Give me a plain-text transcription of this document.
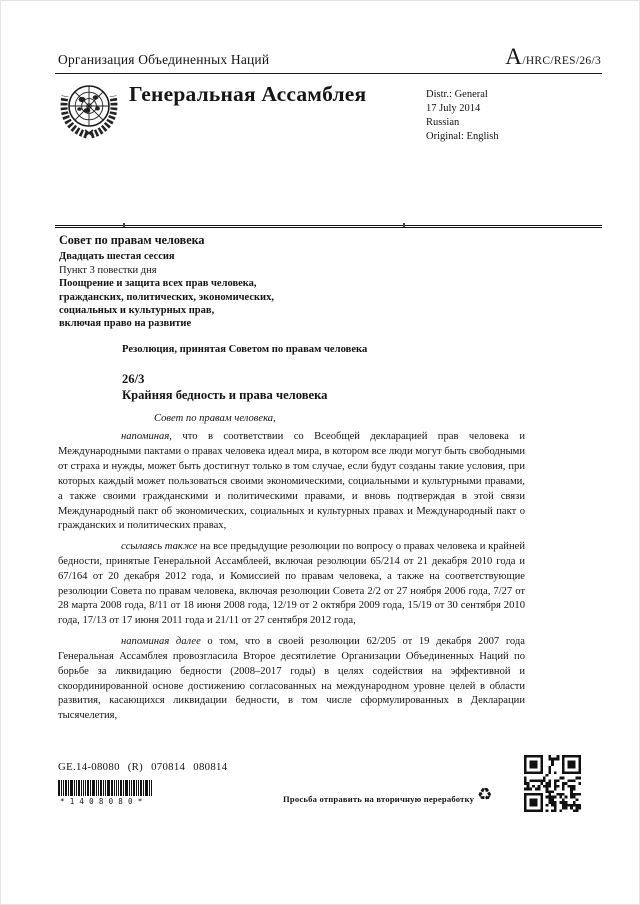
Организация Объединенных Наций	A/HRC/RES/26/3
Генеральная Ассамблея	Distr.: General
17 July 2014
Russian
Original: English
Совет по правам человека
Двадцать шестая сессия
Пункт 3 повестки дня
Поощрение и защита всех прав человека,
гражданских, политических, экономических,
социальных и культурных прав,
включая право на развитие
Резолюция, принятая Советом по правам человека
26/3
Крайняя бедность и права человека
Совет по правам человека,

напоминая, что в соответствии со Всеобщей декларацией прав человека и Международными пактами о правах человека идеал мира, в котором все люди могут быть свободными от страха и нужды, может быть достигнут только в том случае, если будут созданы такие условия, при которых каждый может пользоваться своими экономическими, социальными и культурными правами, а также своими гражданскими и политическими правами, и вновь подтверждая в этой связи Международный пакт об экономических, социальных и культурных правах и Международный пакт о гражданских и политических правах,

ссылаясь также на все предыдущие резолюции по вопросу о правах человека и крайней бедности, принятые Генеральной Ассамблеей, включая резолюции 65/214 от 21 декабря 2010 года и 67/164 от 20 декабря 2012 года, и Комиссией по правам человека, а также на соответствующие резолюции Совета по правам человека, включая резолюции Совета 2/2 от 27 ноября 2006 года, 7/27 от 28 марта 2008 года, 8/11 от 18 июня 2008 года, 12/19 от 2 октября 2009 года, 15/19 от 30 сентября 2010 года, 17/13 от 17 июня 2011 года и 21/11 от 27 сентября 2012 года,

напоминая далее о том, что в своей резолюции 62/205 от 19 декабря 2007 года Генеральная Ассамблея провозгласила Второе десятилетие Организации Объединенных Наций по борьбе за ликвидацию бедности (2008–2017 годы) в целях содействия на эффективной и скоординированной основе достижению согласованных на международном уровне целей в области развития, касающихся ликвидации бедности, в том числе сформулированных в Декларации тысячелетия,

GE.14-08080 (R) 070814 080814
*1408080*	Просьба отправить на вторичную переработку ♻
